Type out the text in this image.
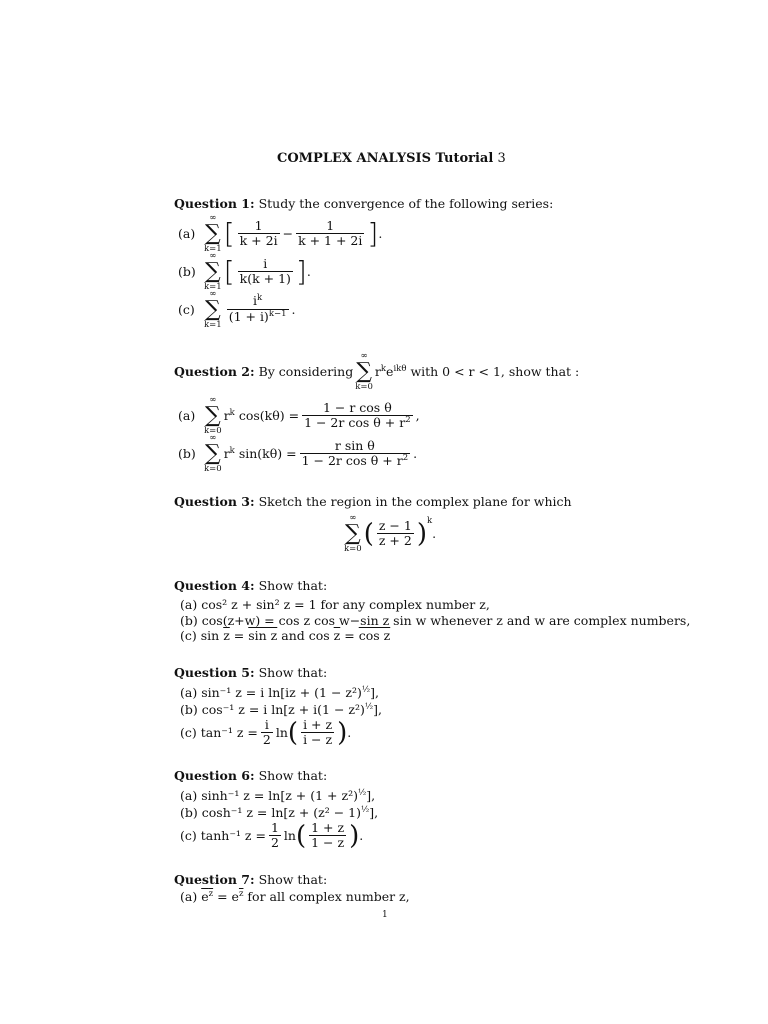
COMPLEX ANALYSIS Tutorial 3
Question 1: Study the convergence of the following series:
(a)
∞
∑
k=1 [ $\frac{1}{k + 2i} - \frac{1}{k + 1 + 2i}$ ] .
(b)
∞
∑
k=1 [ $\frac{i}{k(k + 1)}$ ] .
(c)
∞
∑
$k=1 \frac{i^k}{(1 + i)^{k-1}}$ .
Question 2:
By considering
∞
∑
k=0
$r^ke^{ik\theta}$
with 0 < r < 1, show that :
(a)
∞
∑
k=0
$r^k$ $\cos(k\theta) = \frac{\text{1 − r cos θ}}{1 - 2r \cos \theta + r^2}$ ,
(b)
∞
∑
k=0
$r^k$ $\sin(k\theta) = \frac{\text{r sin θ}}{1 - 2r \cos \theta + r^2}$ .
Question 3: Sketch the region in the complex plane for which
∞
∑
k=0 ( $\frac{z - 1}{z + 2} )^k$
.
Question 4: Show that:
(a) cos² z + sin² z = 1 for any complex number z,
(b) cos(z+w) = cos z cos w−sin z sin w whenever z and w are complex numbers,
(c) $\sin \overline{z} = \sin z$ and $\cos \overline{z} = \cos z$
Question 5: Show that:
(a) sin⁻¹ z = i $\ln[iz + (1 - z^2)^{\frac{1}{2}}]$,
(b) cos⁻¹ z = i $\ln[z + i(1 - z^2)^{\frac{1}{2}}]$,
(c)
tan⁻¹ $z = \frac{i}{2}$ ln ( $\frac{i + z}{i - z}$ ) .
Question 6: Show that:
(a) sinh⁻¹ $z = \ln[z + (1 + z^2)^{\frac{1}{2}}]$,
(b) cosh⁻¹ $z = \ln[z + (z^2 - 1)^{\frac{1}{2}}]$,
(c)
tanh⁻¹ $z = \frac{1}{2}$ ln ( $\frac{1 + z}{1 - z}$ ) .
Question 7: Show that:
(a) $e^z = e^{\overline{z}}$ for all complex number z,
1
